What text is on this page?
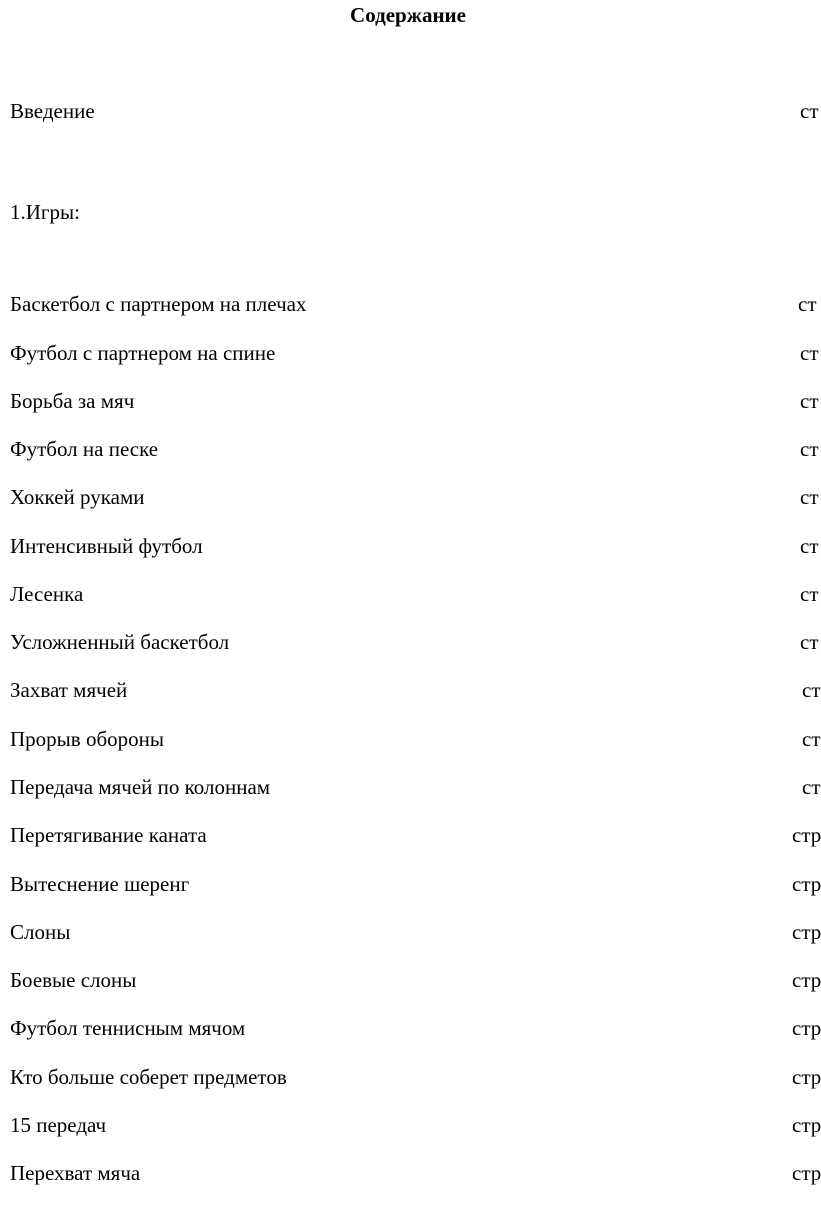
Содержание
Введение	ст
1.Игры:
Баскетбол с партнером на плечах	ст
Футбол с партнером на спине	ст
Борьба за мяч	ст
Футбол на песке	ст
Хоккей руками	ст
Интенсивный футбол	ст
Лесенка	ст
Усложненный баскетбол	ст
Захват мячей	ст
Прорыв обороны	ст
Передача мячей по колоннам	ст
Перетягивание каната	стр
Вытеснение шеренг	стр
Слоны	стр
Боевые слоны	стр
Футбол теннисным мячом	стр
Кто больше соберет предметов	стр
15 передач	стр
Перехват мяча	стр
